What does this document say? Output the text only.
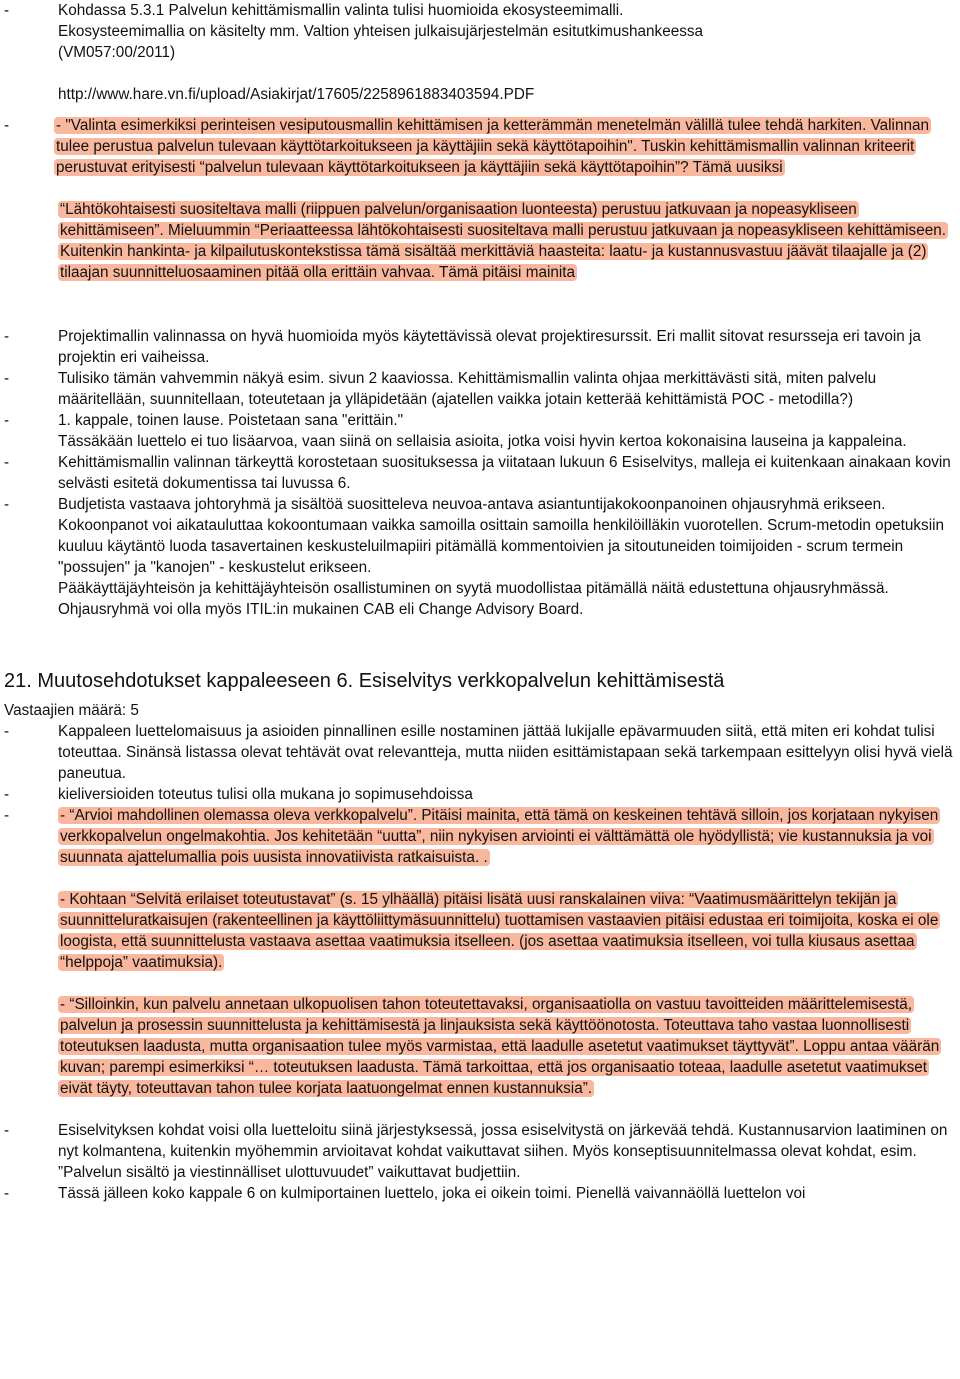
-	Kohdassa 5.3.1 Palvelun kehittämismallin valinta tulisi huomioida ekosysteemimalli.
Ekosysteemimallia on käsitelty mm. Valtion yhteisen julkaisujärjestelmän esitutkimushankeessa
(VM057:00/2011)
http://www.hare.vn.fi/upload/Asiakirjat/17605/2258961883403594.PDF
-	- "Valinta esimerkiksi perinteisen vesiputousmallin kehittämisen ja ketterämmän menetelmän välillä tulee tehdä harkiten. Valinnan tulee perustua palvelun tulevaan käyttötarkoitukseen ja käyttäjiin sekä käyttötapoihin". Tuskin kehittämismallin valinnan kriteerit perustuvat erityisesti “palvelun tulevaan käyttötarkoitukseen ja käyttäjiin sekä käyttötapoihin”? Tämä uusiksi
“Lähtökohtaisesti suositeltava malli (riippuen palvelun/organisaation luonteesta) perustuu jatkuvaan ja nopeasykliseen kehittämiseen”. Mieluummin “Periaatteessa lähtökohtaisesti suositeltava malli perustuu jatkuvaan ja nopeasykliseen kehittämiseen. Kuitenkin hankinta- ja kilpailutuskontekstissa tämä sisältää merkittäviä haasteita: laatu- ja kustannusvastuu jäävät tilaajalle ja (2) tilaajan suunnitteluosaaminen pitää olla erittäin vahvaa. Tämä pitäisi mainita
-	Projektimallin valinnassa on hyvä huomioida myös käytettävissä olevat projektiresurssit. Eri mallit sitovat resursseja eri tavoin ja projektin eri vaiheissa.
-	Tulisiko tämän vahvemmin näkyä esim. sivun 2 kaaviossa. Kehittämismallin valinta ohjaa merkittävästi sitä, miten palvelu määritellään, suunnitellaan, toteutetaan ja ylläpidetään (ajatellen vaikka jotain ketterää kehittämistä POC - metodilla?)
-	1. kappale, toinen lause. Poistetaan sana "erittäin."
Tässäkään luettelo ei tuo lisäarvoa, vaan siinä on sellaisia asioita, jotka voisi hyvin kertoa kokonaisina lauseina ja kappaleina.
-	Kehittämismallin valinnan tärkeyttä korostetaan suosituksessa ja viitataan lukuun 6 Esiselvitys, malleja ei kuitenkaan ainakaan kovin selvästi esitetä dokumentissa tai luvussa 6.
-	Budjetista vastaava johtoryhmä ja sisältöä suositteleva neuvoa-antava asiantuntijakokoonpanoinen ohjausryhmä erikseen. Kokoonpanot voi aikatauluttaa kokoontumaan vaikka samoilla osittain samoilla henkilöilläkin vuorotellen. Scrum-metodin opetuksiin kuuluu käytäntö luoda tasavertainen keskusteluilmapiiri pitämällä kommentoivien ja sitoutuneiden toimijoiden - scrum termein "possujen" ja "kanojen" - keskustelut erikseen.
Pääkäyttäjäyhteisön ja kehittäjäyhteisön osallistuminen on syytä muodollistaa pitämällä näitä edustettuna ohjausryhmässä. Ohjausryhmä voi olla myös ITIL:in mukainen CAB eli Change Advisory Board.
21. Muutosehdotukset kappaleeseen 6. Esiselvitys verkkopalvelun kehittämisestä
Vastaajien määrä: 5
-	Kappaleen luettelomaisuus ja asioiden pinnallinen esille nostaminen jättää lukijalle epävarmuuden siitä, että miten eri kohdat tulisi toteuttaa. Sinänsä listassa olevat tehtävät ovat relevantteja, mutta niiden esittämistapaan sekä tarkempaan esittelyyn olisi hyvä vielä paneutua.
-	kieliversioiden toteutus tulisi olla mukana jo sopimusehdoissa
-	- “Arvioi mahdollinen olemassa oleva verkkopalvelu”. Pitäisi mainita, että tämä on keskeinen tehtävä silloin, jos korjataan nykyisen verkkopalvelun ongelmakohtia. Jos kehitetään “uutta”, niin nykyisen arviointi ei välttämättä ole hyödyllistä; vie kustannuksia ja voi suunnata ajattelumallia pois uusista innovatiivista ratkaisuista. .
- Kohtaan “Selvitä erilaiset toteutustavat” (s. 15 ylhäällä) pitäisi lisätä uusi ranskalainen viiva: “Vaatimusmäärittelyn tekijän ja suunnitteluratkaisujen (rakenteellinen ja käyttöliittymäsuunnittelu) tuottamisen vastaavien pitäisi edustaa eri toimijoita, koska ei ole loogista, että suunnittelusta vastaava asettaa vaatimuksia itselleen. (jos asettaa vaatimuksia itselleen, voi tulla kiusaus asettaa “helppoja” vaatimuksia).
- “Silloinkin, kun palvelu annetaan ulkopuolisen tahon toteutettavaksi, organisaatiolla on vastuu tavoitteiden määrittelemisestä, palvelun ja prosessin suunnittelusta ja kehittämisestä ja linjauksista sekä käyttöönotosta. Toteuttava taho vastaa luonnollisesti toteutuksen laadusta, mutta organisaation tulee myös varmistaa, että laadulle asetetut vaatimukset täyttyvät”. Loppu antaa väärän kuvan; parempi esimerkiksi “… toteutuksen laadusta. Tämä tarkoittaa, että jos organisaatio toteaa, laadulle asetetut vaatimukset eivät täyty, toteuttavan tahon tulee korjata laatuongelmat ennen kustannuksia”.
-	Esiselvityksen kohdat voisi olla luetteloitu siinä järjestyksessä, jossa esiselvitystä on järkevää tehdä. Kustannusarvion laatiminen on nyt kolmantena, kuitenkin myöhemmin arvioitavat kohdat vaikuttavat siihen. Myös konseptisuunnitelmassa olevat kohdat, esim. ”Palvelun sisältö ja viestinnälliset ulottuvuudet” vaikuttavat budjettiin.
-	Tässä jälleen koko kappale 6 on kulmiportainen luettelo, joka ei oikein toimi. Pienellä vaivannäöllä luettelon voi
